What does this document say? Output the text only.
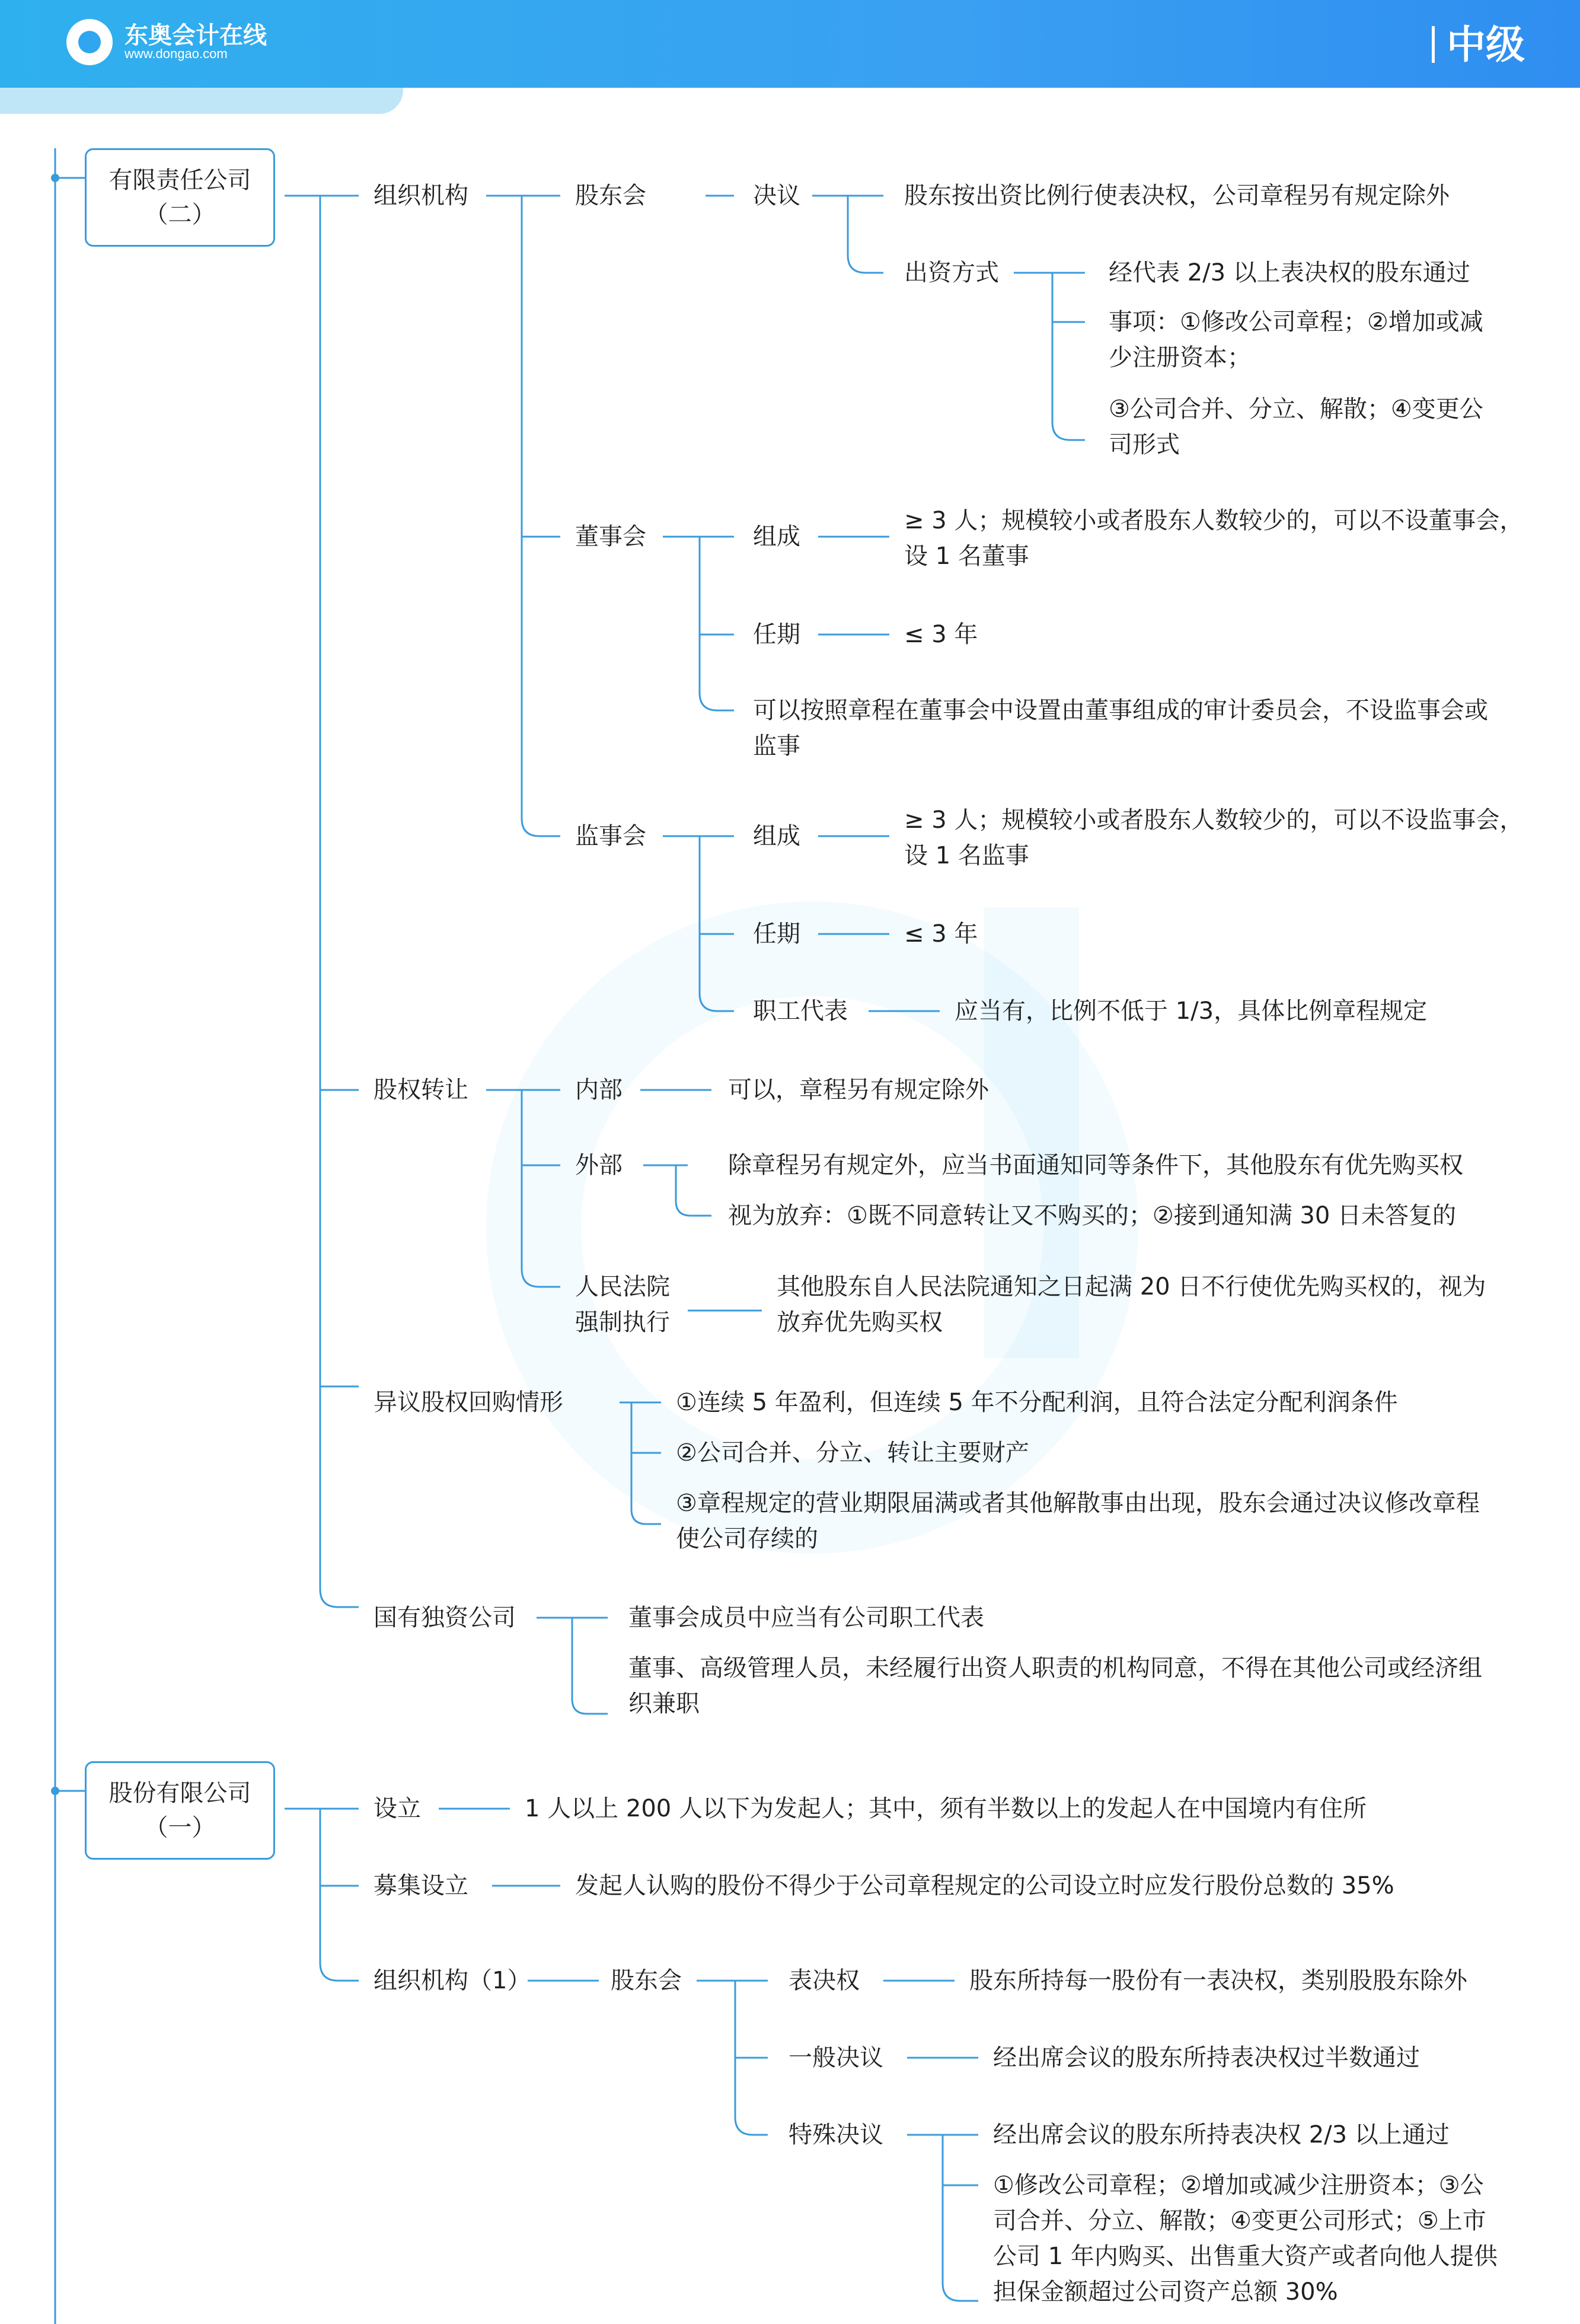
东奥会计在线
www.dongao.com	中级
有限责任公司
（二）
组织机构	股东会	决议	股东按出资比例行使表决权，公司章程另有规定除外
出资方式	经代表 2/3 以上表决权的股东通过
事项：①修改公司章程；②增加或减
少注册资本；
③公司合并、分立、解散；④变更公
司形式
董事会	组成
≥ 3 人；规模较小或者股东人数较少的，可以不设董事会，
设 1 名董事
任期	≤ 3 年
可以按照章程在董事会中设置由董事组成的审计委员会，不设监事会或
监事
监事会	组成
≥ 3 人；规模较小或者股东人数较少的，可以不设监事会，
设 1 名监事
任期	≤ 3 年
职工代表	应当有，比例不低于 1/3，具体比例章程规定
股权转让	内部	可以，章程另有规定除外
外部	除章程另有规定外，应当书面通知同等条件下，其他股东有优先购买权
视为放弃：①既不同意转让又不购买的；②接到通知满 30 日未答复的
人民法院
强制执行
其他股东自人民法院通知之日起满 20 日不行使优先购买权的，视为
放弃优先购买权
异议股权回购情形	①连续 5 年盈利，但连续 5 年不分配利润，且符合法定分配利润条件
②公司合并、分立、转让主要财产
③章程规定的营业期限届满或者其他解散事由出现，股东会通过决议修改章程
使公司存续的
国有独资公司	董事会成员中应当有公司职工代表
董事、高级管理人员，未经履行出资人职责的机构同意，不得在其他公司或经济组
织兼职
股份有限公司
（一）
设立	1 人以上 200 人以下为发起人；其中，须有半数以上的发起人在中国境内有住所
募集设立	发起人认购的股份不得少于公司章程规定的公司设立时应发行股份总数的 35%
组织机构（1）	股东会	表决权	股东所持每一股份有一表决权，类别股股东除外
一般决议	经出席会议的股东所持表决权过半数通过
特殊决议	经出席会议的股东所持表决权 2/3 以上通过
①修改公司章程；②增加或减少注册资本；③公
司合并、分立、解散；④变更公司形式；⑤上市
公司 1 年内购买、出售重大资产或者向他人提供
担保金额超过公司资产总额 30%
